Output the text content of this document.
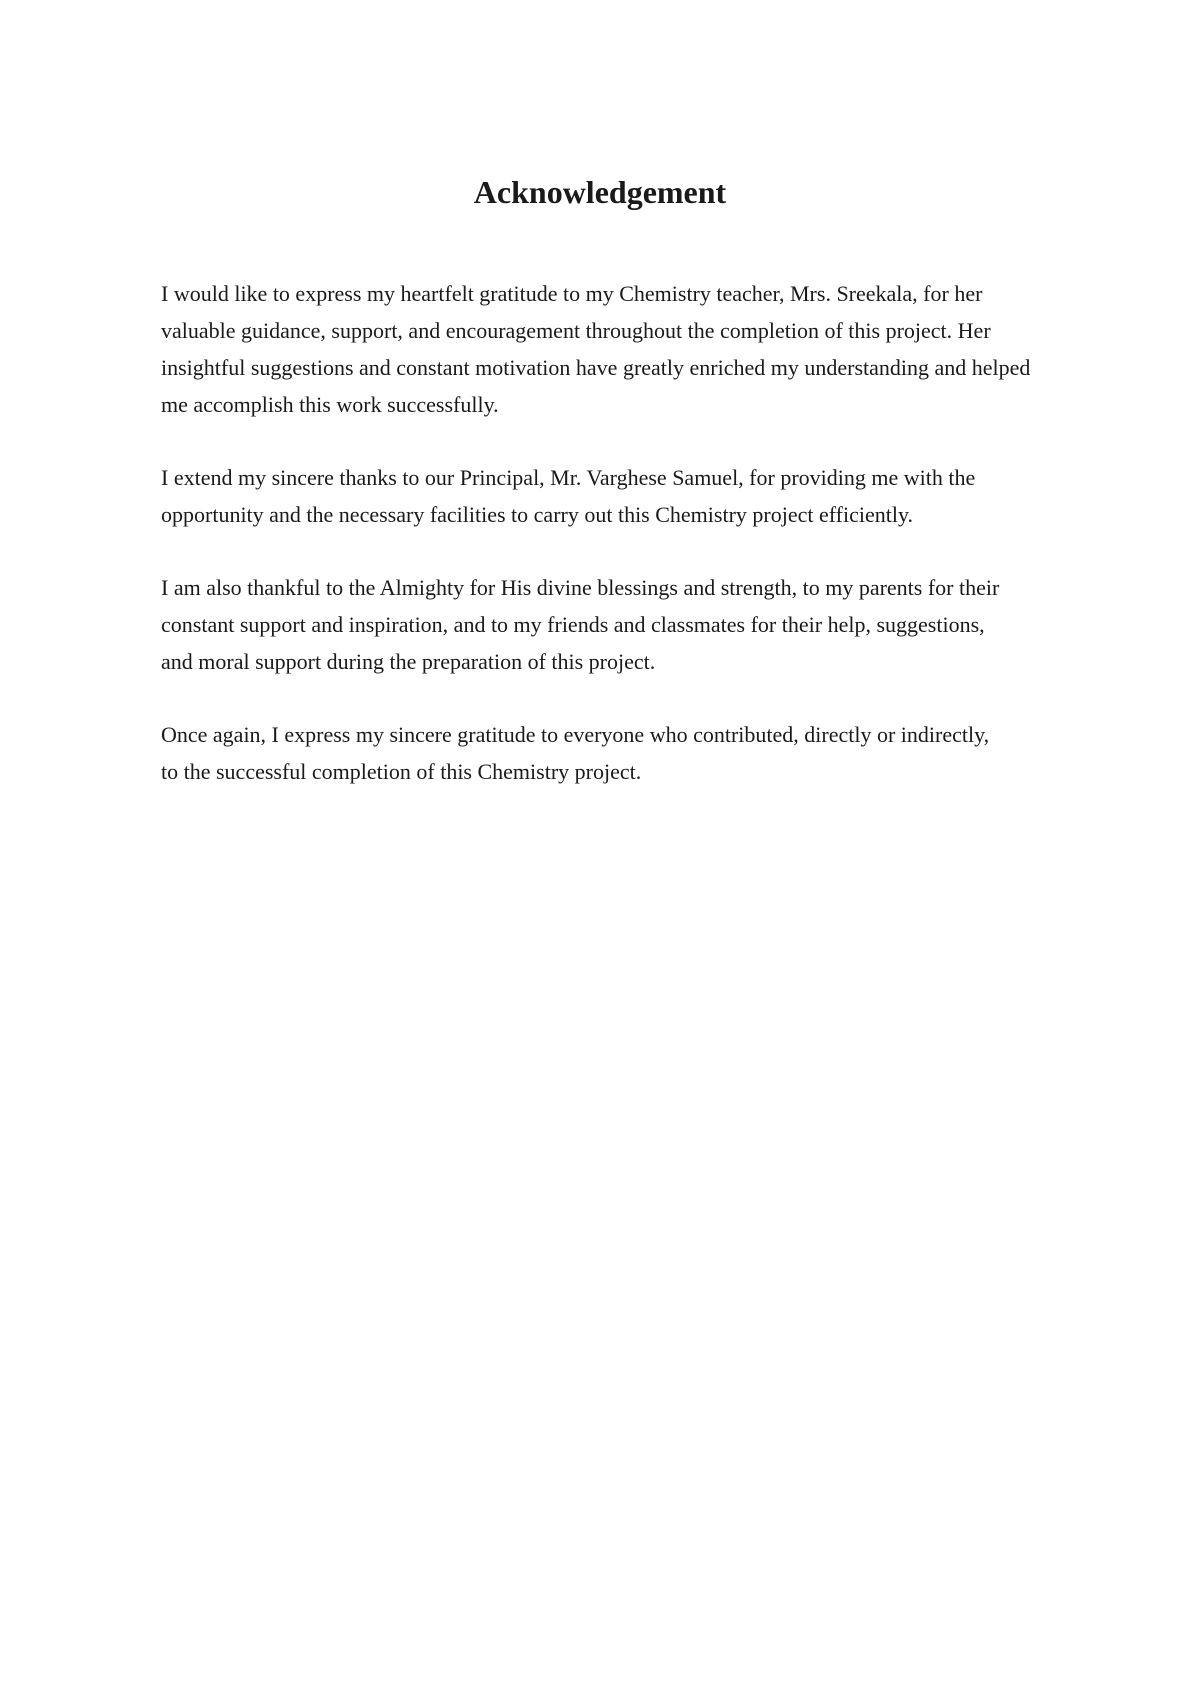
Acknowledgement

I would like to express my heartfelt gratitude to my Chemistry teacher, Mrs. Sreekala, for her
valuable guidance, support, and encouragement throughout the completion of this project. Her
insightful suggestions and constant motivation have greatly enriched my understanding and helped
me accomplish this work successfully.

I extend my sincere thanks to our Principal, Mr. Varghese Samuel, for providing me with the
opportunity and the necessary facilities to carry out this Chemistry project efficiently.

I am also thankful to the Almighty for His divine blessings and strength, to my parents for their
constant support and inspiration, and to my friends and classmates for their help, suggestions,
and moral support during the preparation of this project.

Once again, I express my sincere gratitude to everyone who contributed, directly or indirectly,
to the successful completion of this Chemistry project.
